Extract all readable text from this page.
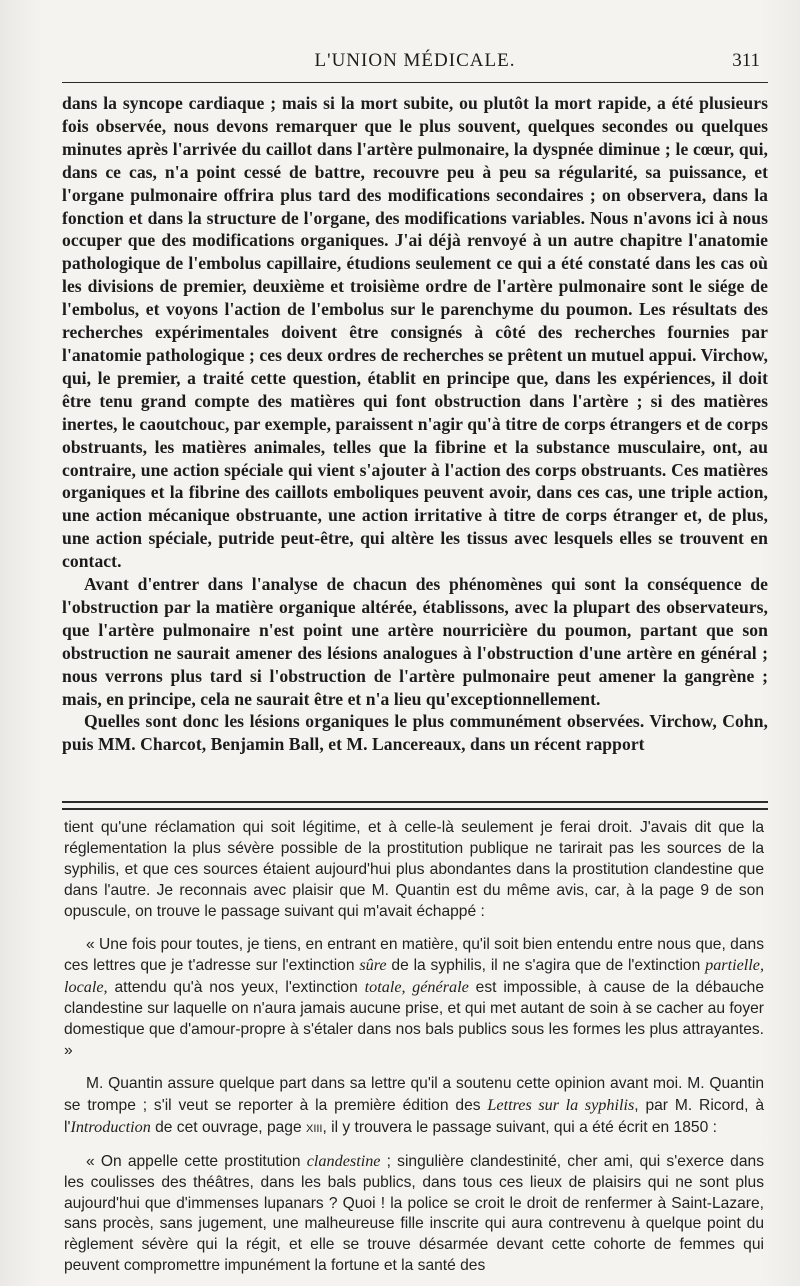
L'UNION MÉDICALE.	311

dans la syncope cardiaque ; mais si la mort subite, ou plutôt la mort rapide, a été plusieurs fois observée, nous devons remarquer que le plus souvent, quelques secondes ou quelques minutes après l'arrivée du caillot dans l'artère pulmonaire, la dyspnée diminue ; le cœur, qui, dans ce cas, n'a point cessé de battre, recouvre peu à peu sa régularité, sa puissance, et l'organe pulmonaire offrira plus tard des modifications secondaires ; on observera, dans la fonction et dans la structure de l'organe, des modifications variables. Nous n'avons ici à nous occuper que des modifications organiques. J'ai déjà renvoyé à un autre chapitre l'anatomie pathologique de l'embolus capillaire, étudions seulement ce qui a été constaté dans les cas où les divisions de premier, deuxième et troisième ordre de l'artère pulmonaire sont le siége de l'embolus, et voyons l'action de l'embolus sur le parenchyme du poumon. Les résultats des recherches expérimentales doivent être consignés à côté des recherches fournies par l'anatomie pathologique ; ces deux ordres de recherches se prêtent un mutuel appui. Virchow, qui, le premier, a traité cette question, établit en principe que, dans les expériences, il doit être tenu grand compte des matières qui font obstruction dans l'artère ; si des matières inertes, le caoutchouc, par exemple, paraissent n'agir qu'à titre de corps étrangers et de corps obstruants, les matières animales, telles que la fibrine et la substance musculaire, ont, au contraire, une action spéciale qui vient s'ajouter à l'action des corps obstruants. Ces matières organiques et la fibrine des caillots emboliques peuvent avoir, dans ces cas, une triple action, une action mécanique obstruante, une action irritative à titre de corps étranger et, de plus, une action spéciale, putride peut-être, qui altère les tissus avec lesquels elles se trouvent en contact.

Avant d'entrer dans l'analyse de chacun des phénomènes qui sont la conséquence de l'obstruction par la matière organique altérée, établissons, avec la plupart des observateurs, que l'artère pulmonaire n'est point une artère nourricière du poumon, partant que son obstruction ne saurait amener des lésions analogues à l'obstruction d'une artère en général ; nous verrons plus tard si l'obstruction de l'artère pulmonaire peut amener la gangrène ; mais, en principe, cela ne saurait être et n'a lieu qu'exceptionnellement.

Quelles sont donc les lésions organiques le plus communément observées. Virchow, Cohn, puis MM. Charcot, Benjamin Ball, et M. Lancereaux, dans un récent rapport

tient qu'une réclamation qui soit légitime, et à celle-là seulement je ferai droit. J'avais dit que la réglementation la plus sévère possible de la prostitution publique ne tarirait pas les sources de la syphilis, et que ces sources étaient aujourd'hui plus abondantes dans la prostitution clandestine que dans l'autre. Je reconnais avec plaisir que M. Quantin est du même avis, car, à la page 9 de son opuscule, on trouve le passage suivant qui m'avait échappé :

« Une fois pour toutes, je tiens, en entrant en matière, qu'il soit bien entendu entre nous que, dans ces lettres que je t'adresse sur l'extinction sûre de la syphilis, il ne s'agira que de l'extinction partielle, locale, attendu qu'à nos yeux, l'extinction totale, générale est impossible, à cause de la débauche clandestine sur laquelle on n'aura jamais aucune prise, et qui met autant de soin à se cacher au foyer domestique que d'amour-propre à s'étaler dans nos bals publics sous les formes les plus attrayantes. »

M. Quantin assure quelque part dans sa lettre qu'il a soutenu cette opinion avant moi. M. Quantin se trompe ; s'il veut se reporter à la première édition des Lettres sur la syphilis, par M. Ricord, à l'Introduction de cet ouvrage, page xiii, il y trouvera le passage suivant, qui a été écrit en 1850 :

« On appelle cette prostitution clandestine ; singulière clandestinité, cher ami, qui s'exerce dans les coulisses des théâtres, dans les bals publics, dans tous ces lieux de plaisirs qui ne sont plus aujourd'hui que d'immenses lupanars ? Quoi ! la police se croit le droit de renfermer à Saint-Lazare, sans procès, sans jugement, une malheureuse fille inscrite qui aura contrevenu à quelque point du règlement sévère qui la régit, et elle se trouve désarmée devant cette cohorte de femmes qui peuvent compromettre impunément la fortune et la santé des
